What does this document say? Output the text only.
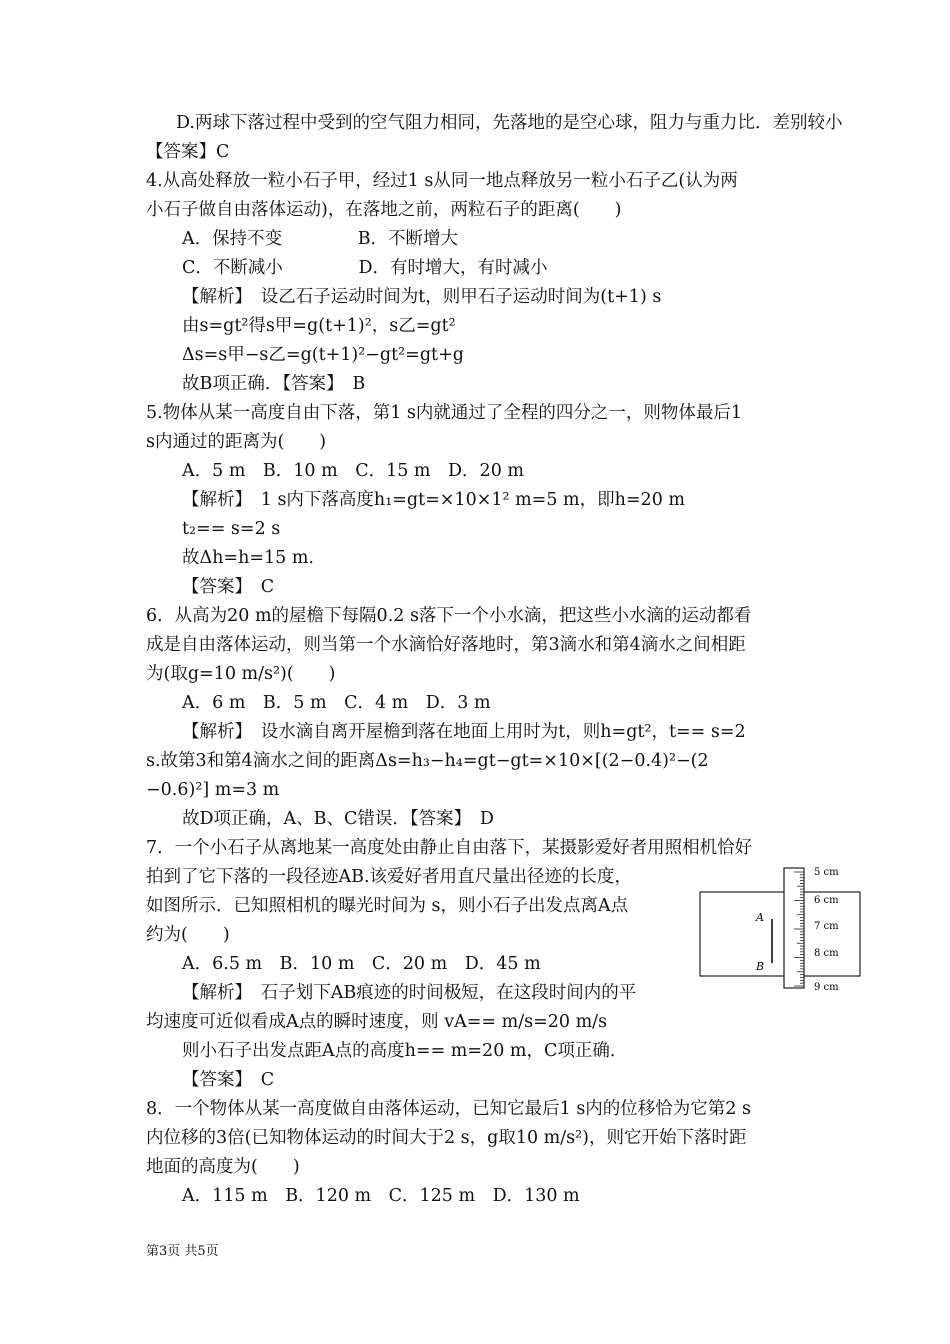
D.两球下落过程中受到的空气阻力相同，先落地的是空心球，阻力与重力比．差别较小
【答案】C
4.从高处释放一粒小石子甲，经过1 s从同一地点释放另一粒小石子乙(认为两
小石子做自由落体运动)，在落地之前，两粒石子的距离(　　)
A．保持不变　　　　 B．不断增大
C．不断减小　　　　 D．有时增大，有时减小
【解析】　设乙石子运动时间为t，则甲石子运动时间为(t+1) s
由s=gt²得s甲=g(t+1)²，s乙=gt²
Δs=s甲−s乙=g(t+1)²−gt²=gt+g
故B项正确．【答案】　B
5.物体从某一高度自由下落，第1 s内就通过了全程的四分之一，则物体最后1
s内通过的距离为(　　)
A．5 m　B．10 m　C．15 m　D．20 m
【解析】　1 s内下落高度h₁=gt=×10×1² m=5 m，即h=20 m
t₂== s=2 s
故Δh=h=15 m.
【答案】　C
6．从高为20 m的屋檐下每隔0.2 s落下一个小水滴，把这些小水滴的运动都看
成是自由落体运动，则当第一个水滴恰好落地时，第3滴水和第4滴水之间相距
为(取g=10 m/s²)(　　)
A．6 m　B．5 m　C．4 m　D．3 m
【解析】　设水滴自离开屋檐到落在地面上用时为t，则h=gt²，t== s=2
s.故第3和第4滴水之间的距离Δs=h₃−h₄=gt−gt=×10×[(2−0.4)²−(2
−0.6)²] m=3 m
故D项正确，A、B、C错误．【答案】　D
7．一个小石子从离地某一高度处由静止自由落下，某摄影爱好者用照相机恰好
拍到了它下落的一段径迹AB.该爱好者用直尺量出径迹的长度，
如图所示．已知照相机的曝光时间为 s，则小石子出发点离A点
约为(　　)
A．6.5 m　B．10 m　C．20 m　D．45 m
【解析】　石子划下AB痕迹的时间极短，在这段时间内的平
均速度可近似看成A点的瞬时速度，则 vA== m/s=20 m/s
则小石子出发点距A点的高度h== m=20 m，C项正确．
【答案】　C
8．一个物体从某一高度做自由落体运动，已知它最后1 s内的位移恰为它第2 s
内位移的3倍(已知物体运动的时间大于2 s，g取10 m/s²)，则它开始下落时距
地面的高度为(　　)
A．115 m　B．120 m　C．125 m　D．130 m
A
B
5 cm
6 cm
7 cm
8 cm
9 cm
第3页 共5页
